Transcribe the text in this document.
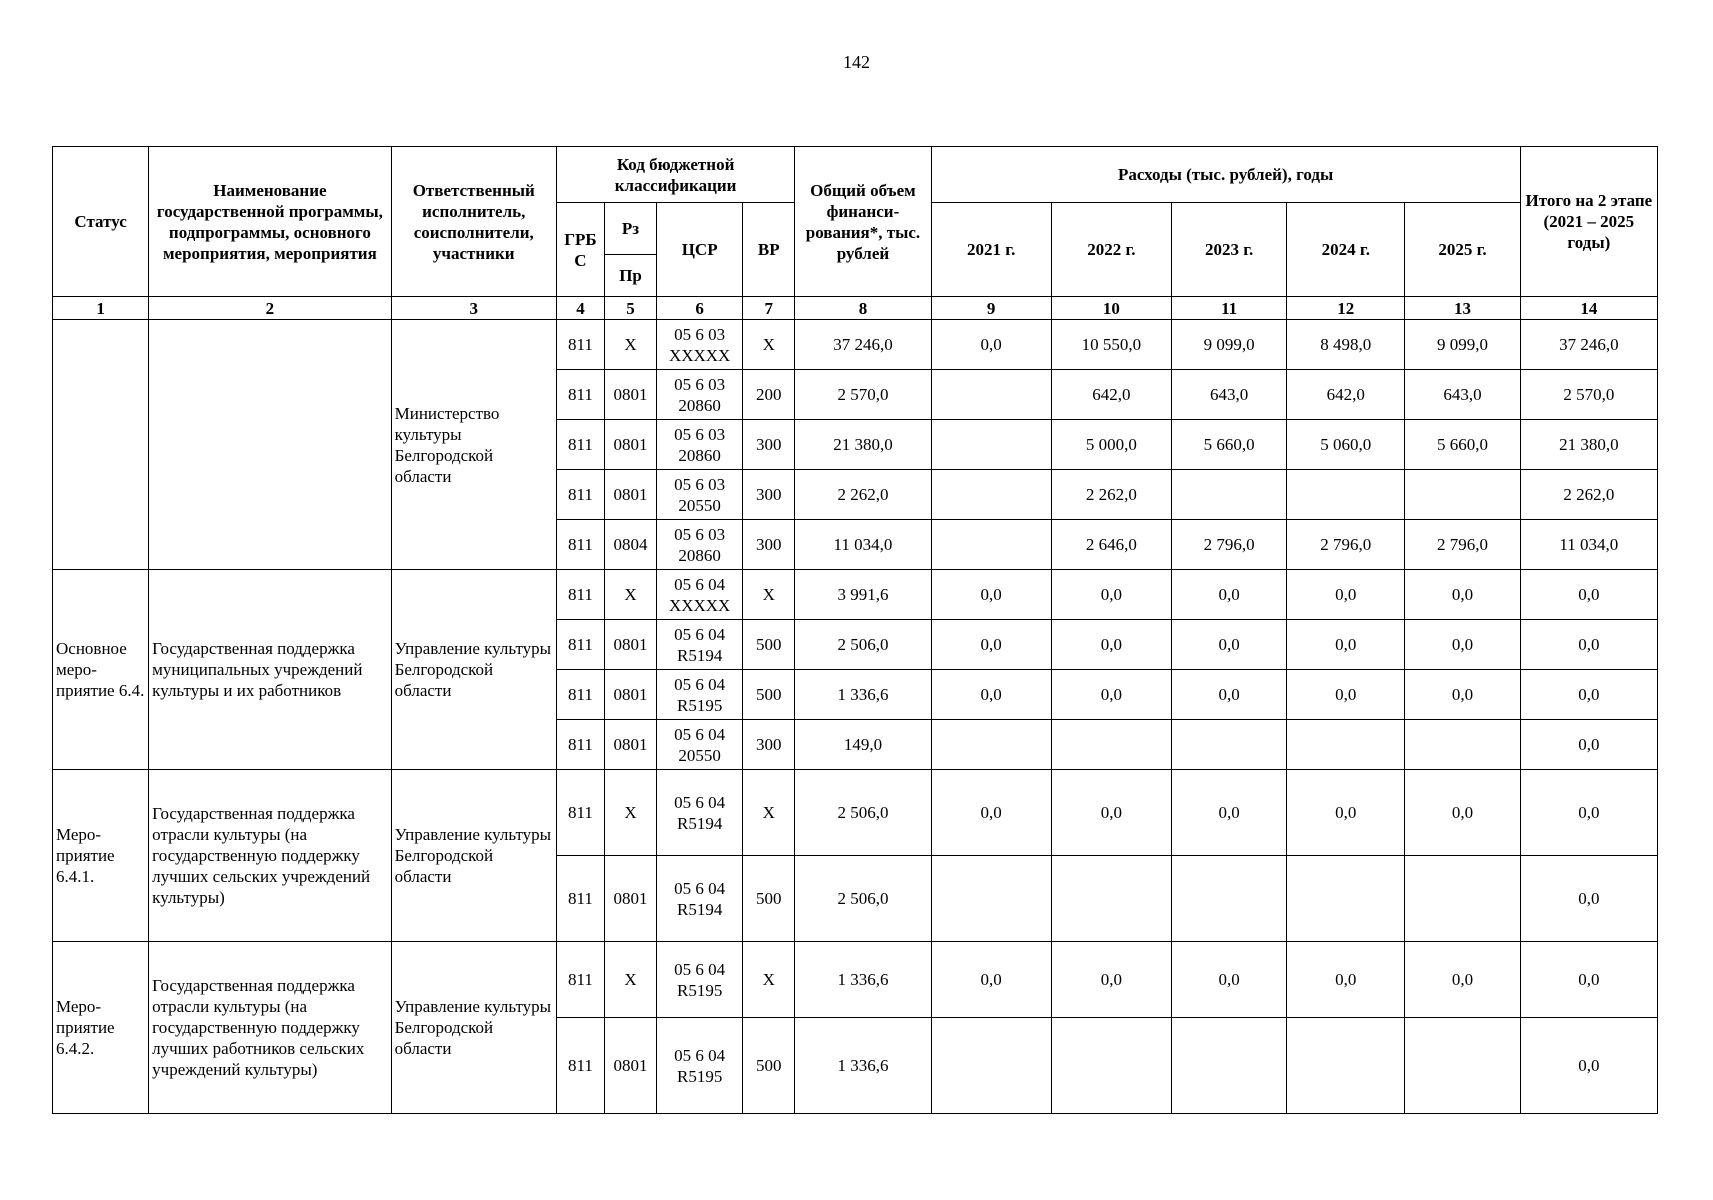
142
Статус	Наименование государственной программы, подпрограммы, основного мероприятия, мероприятия	Ответственный исполнитель, соисполнители, участники	Код бюджетной классификации				Общий объем финанси-рования*, тыс. рублей	Расходы (тыс. рублей), годы					Итого на 2 этапе (2021 – 2025 годы)
			ГРБ С	Рз	ЦСР	ВР		2021 г.	2022 г.	2023 г.	2024 г.	2025 г.	
				Пр									
1	2	3	4	5	6	7	8	9	10	11	12	13	14
		Министерство культуры Белгородской области	811	Х	05 6 03 ХХХХХ	Х	37 246,0	0,0	10 550,0	9 099,0	8 498,0	9 099,0	37 246,0
			811	0801	05 6 03 20860	200	2 570,0		642,0	643,0	642,0	643,0	2 570,0
			811	0801	05 6 03 20860	300	21 380,0		5 000,0	5 660,0	5 060,0	5 660,0	21 380,0
			811	0801	05 6 03 20550	300	2 262,0		2 262,0				2 262,0
			811	0804	05 6 03 20860	300	11 034,0		2 646,0	2 796,0	2 796,0	2 796,0	11 034,0
Основное меро-приятие 6.4.	Государственная поддержка муниципальных учреждений культуры и их работников	Управление культуры Белгородской области	811	Х	05 6 04 ХХХХХ	Х	3 991,6	0,0	0,0	0,0	0,0	0,0	0,0
			811	0801	05 6 04 R5194	500	2 506,0	0,0	0,0	0,0	0,0	0,0	0,0
			811	0801	05 6 04 R5195	500	1 336,6	0,0	0,0	0,0	0,0	0,0	0,0
			811	0801	05 6 04 20550	300	149,0						0,0
Меро-приятие 6.4.1.	Государственная поддержка отрасли культуры (на государственную поддержку лучших сельских учреждений культуры)	Управление культуры Белгородской области	811	Х	05 6 04 R5194	Х	2 506,0	0,0	0,0	0,0	0,0	0,0	0,0
			811	0801	05 6 04 R5194	500	2 506,0						0,0
Меро-приятие 6.4.2.	Государственная поддержка отрасли культуры (на государственную поддержку лучших работников сельских учреждений культуры)	Управление культуры Белгородской области	811	Х	05 6 04 R5195	Х	1 336,6	0,0	0,0	0,0	0,0	0,0	0,0
			811	0801	05 6 04 R5195	500	1 336,6						0,0
